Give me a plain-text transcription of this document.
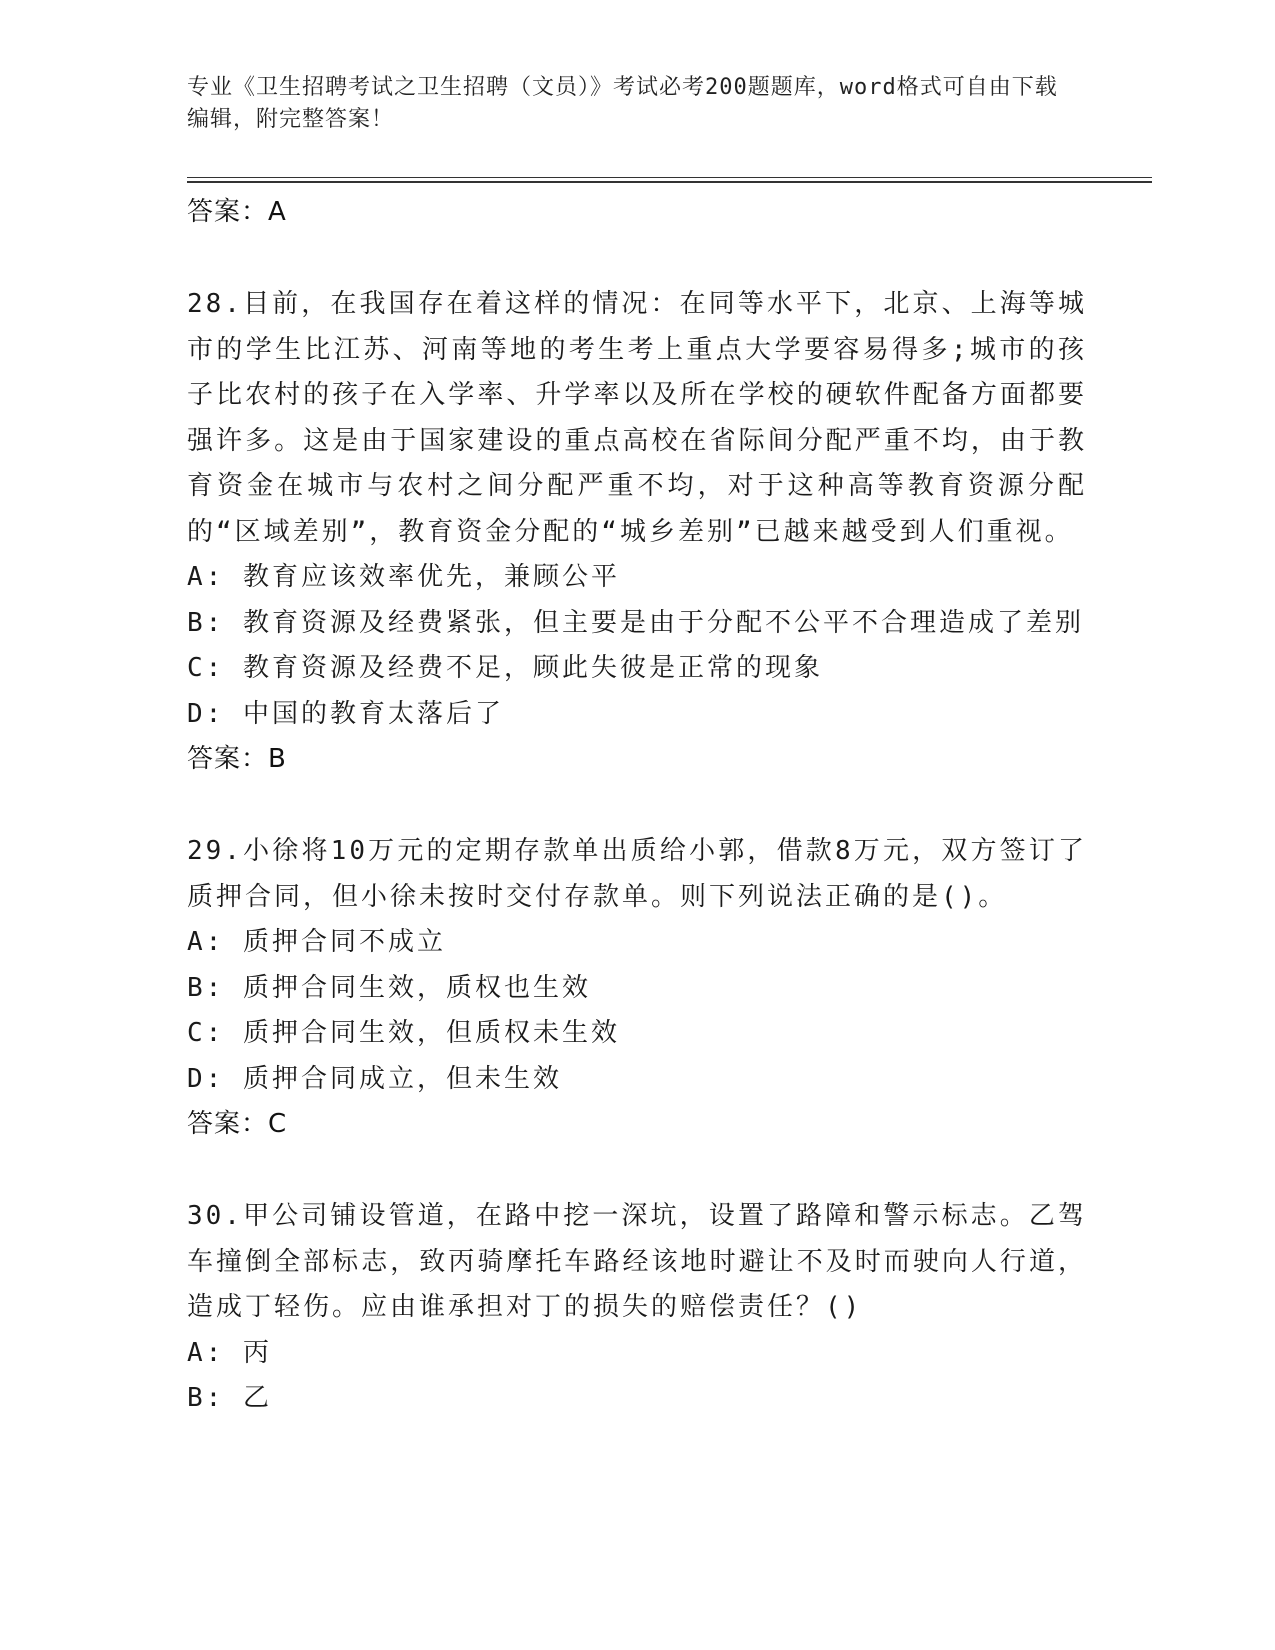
专业《卫生招聘考试之卫生招聘（文员）》考试必考200题题库，word格式可自由下载编辑，附完整答案！
答案：A
28.目前，在我国存在着这样的情况：在同等水平下，北京、上海等城市的学生比江苏、河南等地的考生考上重点大学要容易得多;城市的孩子比农村的孩子在入学率、升学率以及所在学校的硬软件配备方面都要强许多。这是由于国家建设的重点高校在省际间分配严重不均，由于教育资金在城市与农村之间分配严重不均，对于这种高等教育资源分配的“区域差别”，教育资金分配的“城乡差别”已越来越受到人们重视。
A: 教育应该效率优先，兼顾公平
B: 教育资源及经费紧张，但主要是由于分配不公平不合理造成了差别
C: 教育资源及经费不足，顾此失彼是正常的现象
D: 中国的教育太落后了
答案：B
29.小徐将10万元的定期存款单出质给小郭，借款8万元，双方签订了质押合同，但小徐未按时交付存款单。则下列说法正确的是()。
A: 质押合同不成立
B: 质押合同生效，质权也生效
C: 质押合同生效，但质权未生效
D: 质押合同成立，但未生效
答案：C
30.甲公司铺设管道，在路中挖一深坑，设置了路障和警示标志。乙驾车撞倒全部标志，致丙骑摩托车路经该地时避让不及时而驶向人行道，造成丁轻伤。应由谁承担对丁的损失的赔偿责任？()
A: 丙
B: 乙
